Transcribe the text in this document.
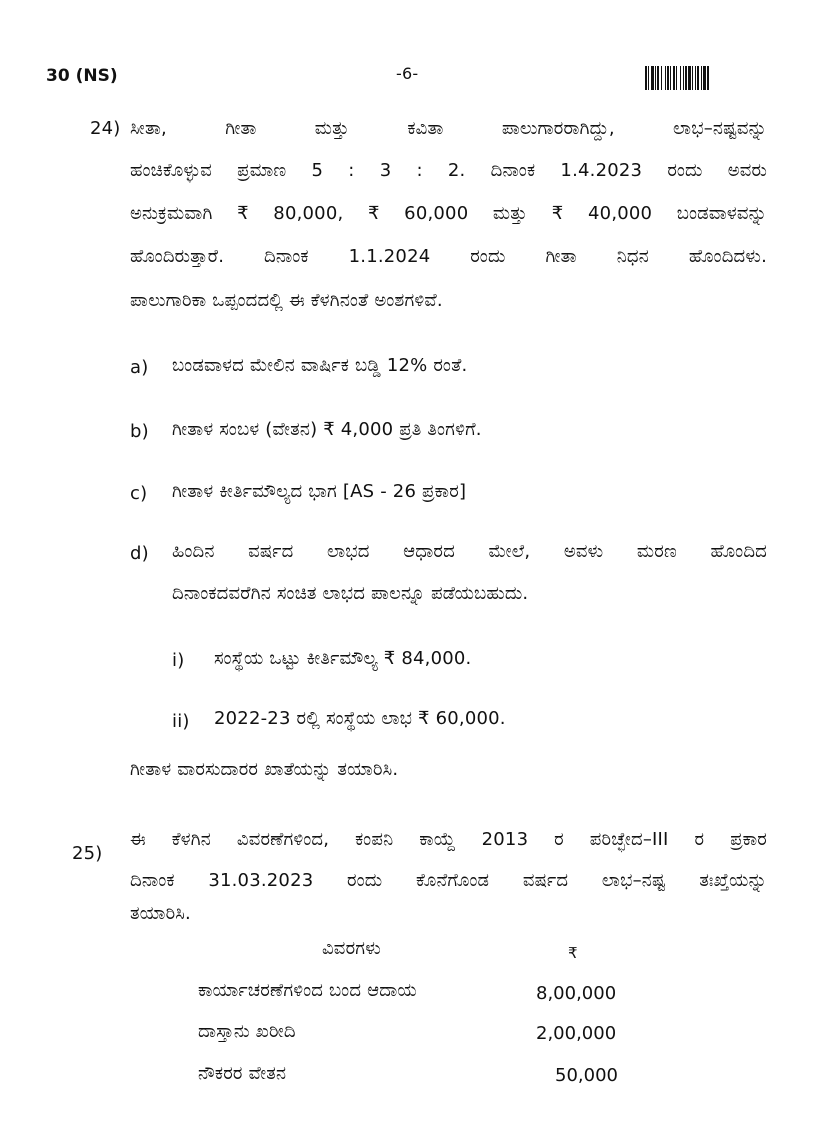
30 (NS)	-6-
24) ಸೀತಾ, ಗೀತಾ ಮತ್ತು ಕವಿತಾ ಪಾಲುಗಾರರಾಗಿದ್ದು, ಲಾಭ–ನಷ್ಟವನ್ನು
ಹಂಚಿಕೊಳ್ಳುವ ಪ್ರಮಾಣ 5 : 3 : 2. ದಿನಾಂಕ 1.4.2023 ರಂದು ಅವರು
ಅನುಕ್ರಮವಾಗಿ ₹ 80,000, ₹ 60,000 ಮತ್ತು ₹ 40,000 ಬಂಡವಾಳವನ್ನು
ಹೊಂದಿರುತ್ತಾರೆ. ದಿನಾಂಕ 1.1.2024 ರಂದು ಗೀತಾ ನಿಧನ ಹೊಂದಿದಳು.
ಪಾಲುಗಾರಿಕಾ ಒಪ್ಪಂದದಲ್ಲಿ ಈ ಕೆಳಗಿನಂತೆ ಅಂಶಗಳಿವೆ.
a) ಬಂಡವಾಳದ ಮೇಲಿನ ವಾರ್ಷಿಕ ಬಡ್ಡಿ 12% ರಂತೆ.
b) ಗೀತಾಳ ಸಂಬಳ (ವೇತನ) ₹ 4,000 ಪ್ರತಿ ತಿಂಗಳಿಗೆ.
c) ಗೀತಾಳ ಕೀರ್ತಿಮೌಲ್ಯದ ಭಾಗ [AS - 26 ಪ್ರಕಾರ]
d) ಹಿಂದಿನ ವರ್ಷದ ಲಾಭದ ಆಧಾರದ ಮೇಲೆ, ಅವಳು ಮರಣ ಹೊಂದಿದ
ದಿನಾಂಕದವರೆಗಿನ ಸಂಚಿತ ಲಾಭದ ಪಾಲನ್ನೂ ಪಡೆಯಬಹುದು.
i) ಸಂಸ್ಥೆಯ ಒಟ್ಟು ಕೀರ್ತಿಮೌಲ್ಯ ₹ 84,000.
ii) 2022-23 ರಲ್ಲಿ ಸಂಸ್ಥೆಯ ಲಾಭ ₹ 60,000.
ಗೀತಾಳ ವಾರಸುದಾರರ ಖಾತೆಯನ್ನು ತಯಾರಿಸಿ.
25)
ಈ ಕೆಳಗಿನ ವಿವರಣೆಗಳಿಂದ, ಕಂಪನಿ ಕಾಯ್ದೆ 2013 ರ ಪರಿಚ್ಛೇದ–III ರ ಪ್ರಕಾರ
ದಿನಾಂಕ 31.03.2023 ರಂದು ಕೊನೆಗೊಂಡ ವರ್ಷದ ಲಾಭ–ನಷ್ಟ ತಃಖ್ತೆಯನ್ನು
ತಯಾರಿಸಿ.
ವಿವರಗಳು	₹
ಕಾರ್ಯಾಚರಣೆಗಳಿಂದ ಬಂದ ಆದಾಯ	8,00,000
ದಾಸ್ತಾನು ಖರೀದಿ	2,00,000
ನೌಕರರ ವೇತನ	50,000
